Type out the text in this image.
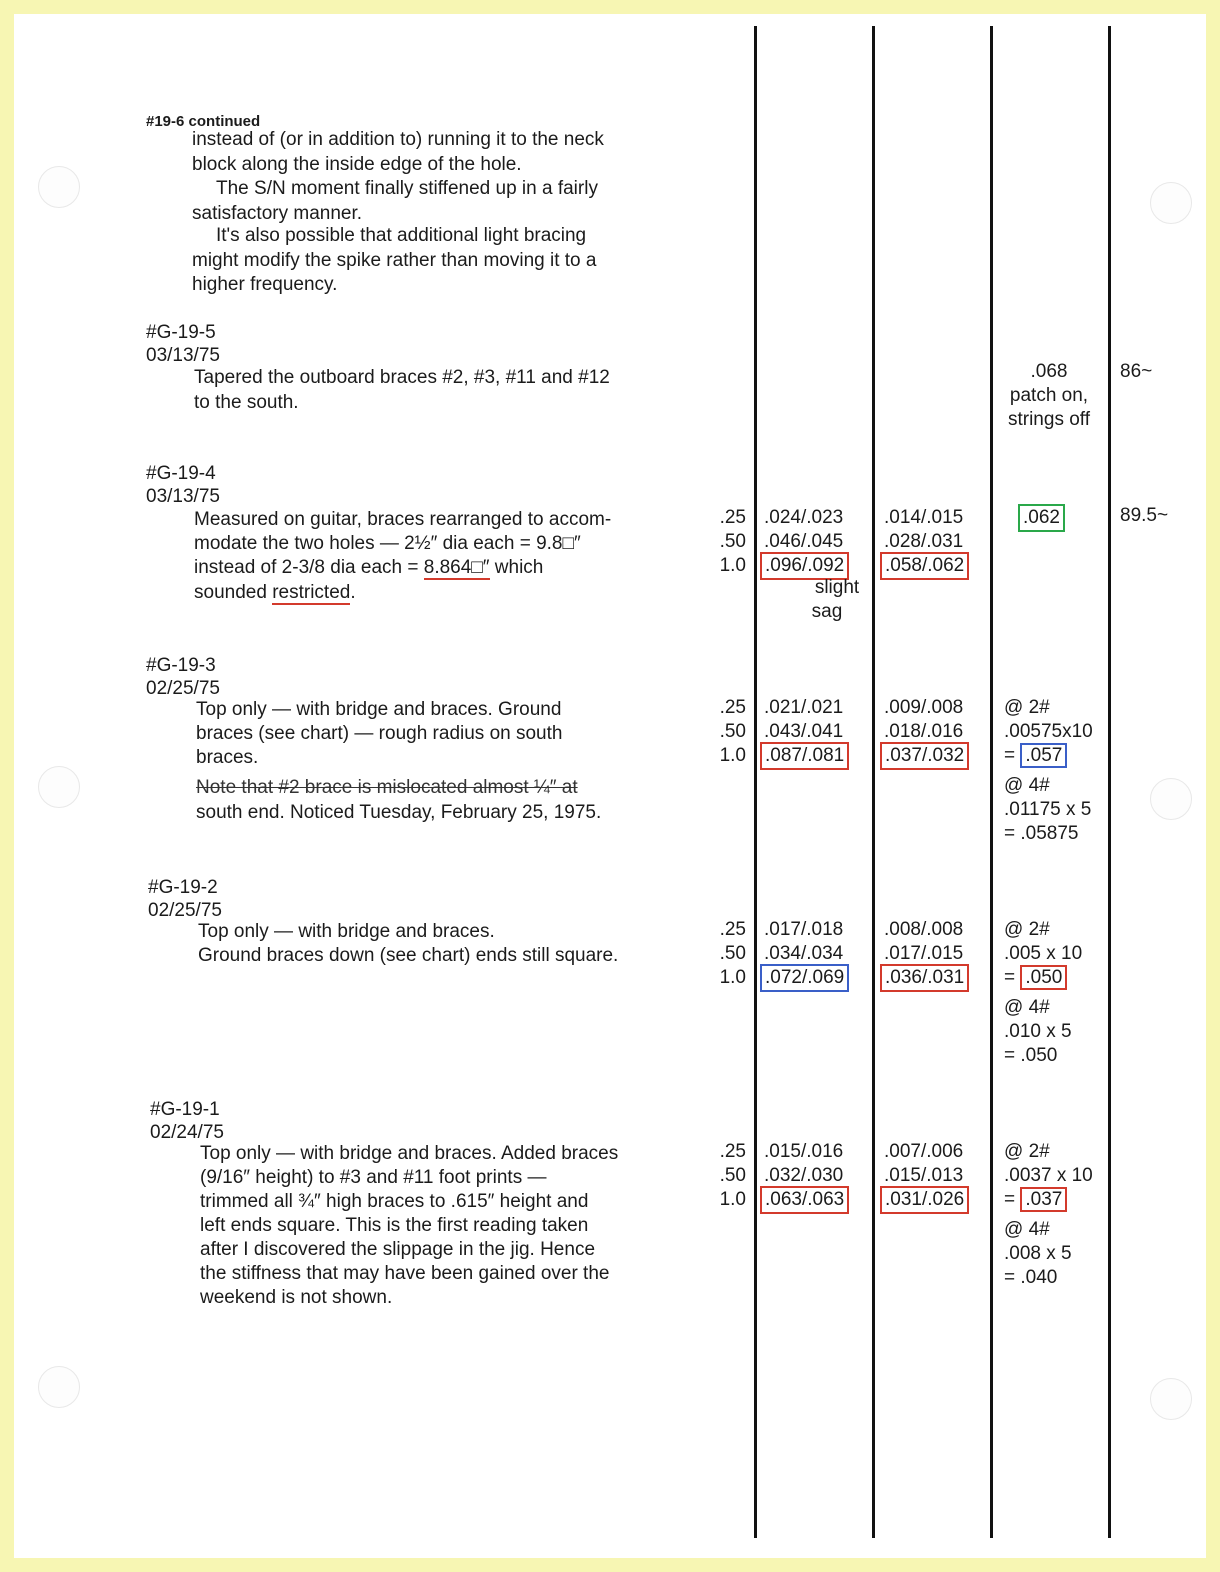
#19-6 continued
instead of (or in addition to) running it to the neck
block along the inside edge of the hole.
The S/N moment finally stiffened up in a fairly
satisfactory manner.
It's also possible that additional light bracing
might modify the spike rather than moving it to a
higher frequency.
#G-19-5
03/13/75
Tapered the outboard braces #2, #3, #11 and #12
to the south.
.068
patch on,
strings off
86~
#G-19-4
03/13/75
Measured on guitar, braces rearranged to accom-
modate the two holes — 2½″ dia each = 9.8□″
instead of 2-3/8 dia each = 8.864□″ which
sounded restricted.
.25
.50
1.0
.024/.023
.046/.045
.096/.092
slight
sag
.014/.015
.028/.031
.058/.062
.062	89.5~
#G-19-3
02/25/75
Top only — with bridge and braces. Ground
braces (see chart) — rough radius on south
braces.
Note that #2 brace is mislocated almost ¼″ at
south end. Noticed Tuesday, February 25, 1975.
.25
.50
1.0
.021/.021
.043/.041
.087/.081
.009/.008
.018/.016
.037/.032
@ 2#
.00575x10
= .057
@ 4#
.01175 x 5
= .05875
#G-19-2
02/25/75
Top only — with bridge and braces.
Ground braces down (see chart) ends still square.
.25
.50
1.0
.017/.018
.034/.034
.072/.069
.008/.008
.017/.015
.036/.031
@ 2#
.005 x 10
= .050
@ 4#
.010 x 5
= .050
#G-19-1
02/24/75
Top only — with bridge and braces. Added braces
(9/16″ height) to #3 and #11 foot prints —
trimmed all ¾″ high braces to .615″ height and
left ends square. This is the first reading taken
after I discovered the slippage in the jig. Hence
the stiffness that may have been gained over the
weekend is not shown.
.25
.50
1.0
.015/.016
.032/.030
.063/.063
.007/.006
.015/.013
.031/.026
@ 2#
.0037 x 10
= .037
@ 4#
.008 x 5
= .040
